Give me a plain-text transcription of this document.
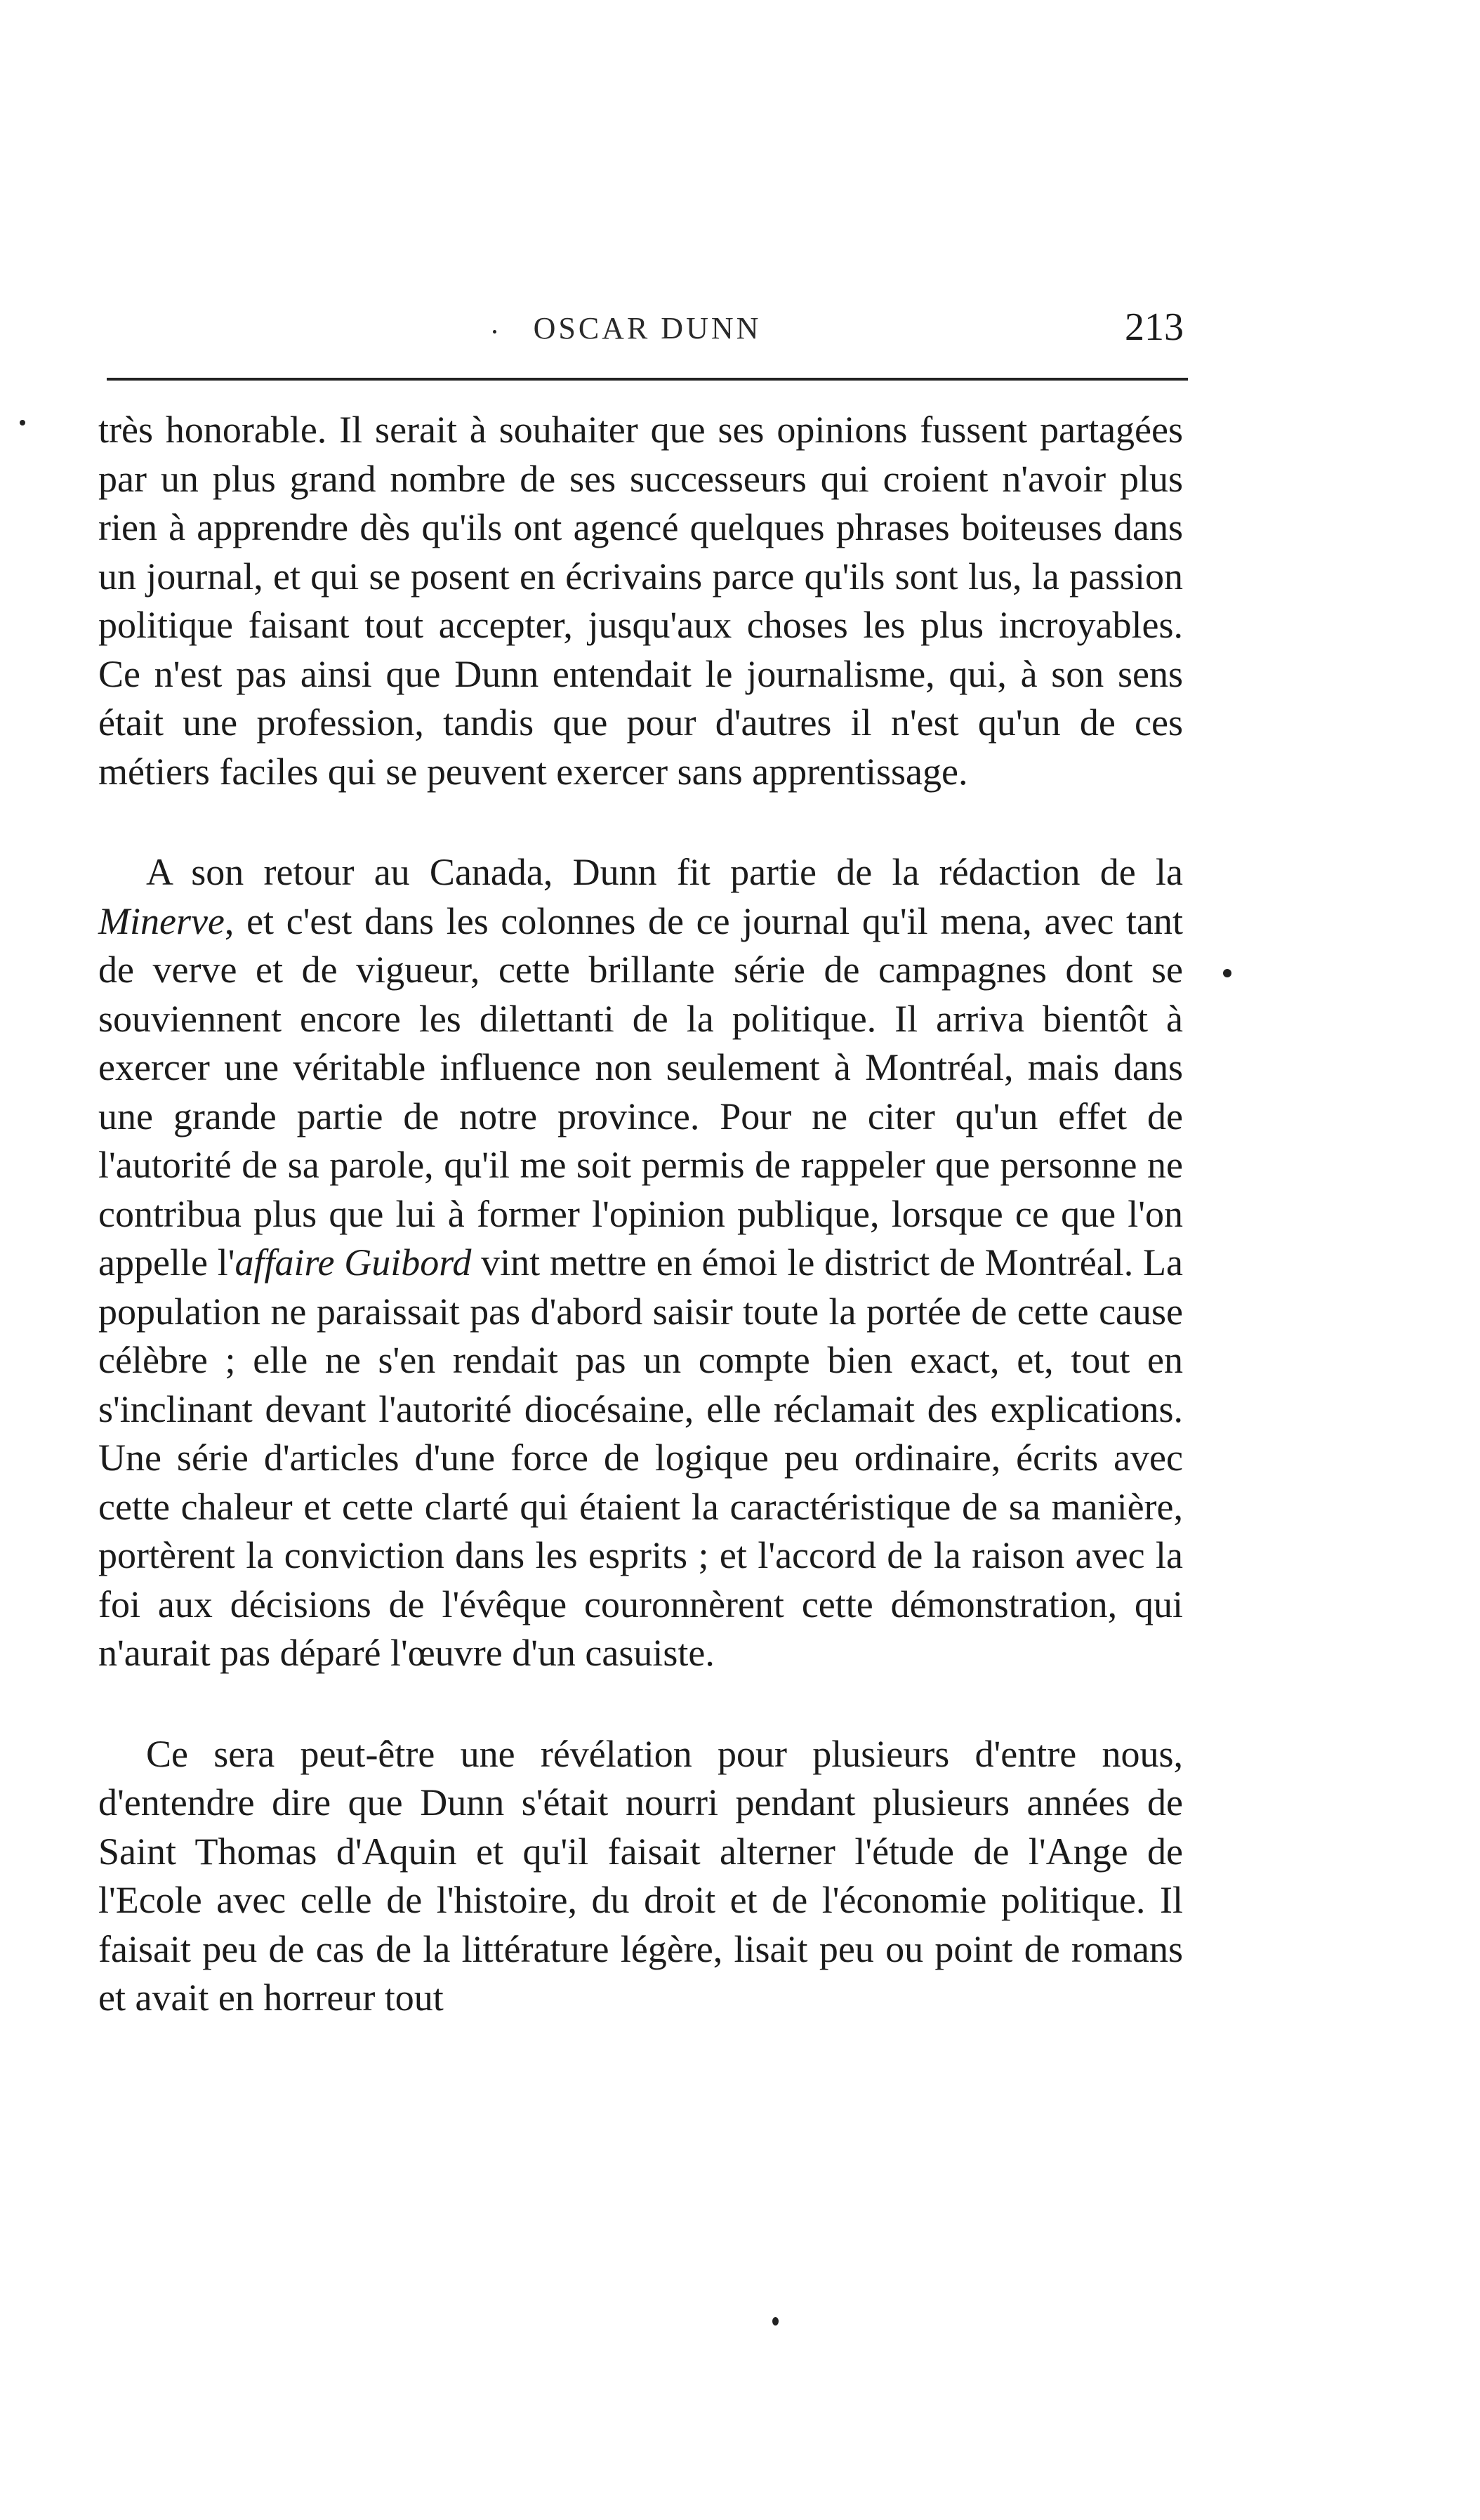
OSCAR DUNN	213

très honorable. Il serait à souhaiter que ses opinions fussent partagées par un plus grand nombre de ses successeurs qui croient n'avoir plus rien à apprendre dès qu'ils ont agencé quelques phrases boiteuses dans un journal, et qui se posent en écrivains parce qu'ils sont lus, la passion politique faisant tout accepter, jusqu'aux choses les plus incroyables. Ce n'est pas ainsi que Dunn entendait le journalisme, qui, à son sens était une profession, tandis que pour d'autres il n'est qu'un de ces métiers faciles qui se peuvent exercer sans apprentissage.

A son retour au Canada, Dunn fit partie de la rédaction de la Minerve, et c'est dans les colonnes de ce journal qu'il mena, avec tant de verve et de vigueur, cette brillante série de campagnes dont se souviennent encore les dilettanti de la politique. Il arriva bientôt à exercer une véritable influence non seulement à Montréal, mais dans une grande partie de notre province. Pour ne citer qu'un effet de l'autorité de sa parole, qu'il me soit permis de rappeler que personne ne contribua plus que lui à former l'opinion publique, lorsque ce que l'on appelle l'affaire Guibord vint mettre en émoi le district de Montréal. La population ne paraissait pas d'abord saisir toute la portée de cette cause célèbre ; elle ne s'en rendait pas un compte bien exact, et, tout en s'inclinant devant l'autorité diocésaine, elle réclamait des explications. Une série d'articles d'une force de logique peu ordinaire, écrits avec cette chaleur et cette clarté qui étaient la caractéristique de sa manière, portèrent la conviction dans les esprits ; et l'accord de la raison avec la foi aux décisions de l'évêque couronnèrent cette démonstration, qui n'aurait pas déparé l'œuvre d'un casuiste.

Ce sera peut-être une révélation pour plusieurs d'entre nous, d'entendre dire que Dunn s'était nourri pendant plusieurs années de Saint Thomas d'Aquin et qu'il faisait alterner l'étude de l'Ange de l'Ecole avec celle de l'histoire, du droit et de l'économie politique. Il faisait peu de cas de la littérature légère, lisait peu ou point de romans et avait en horreur tout
